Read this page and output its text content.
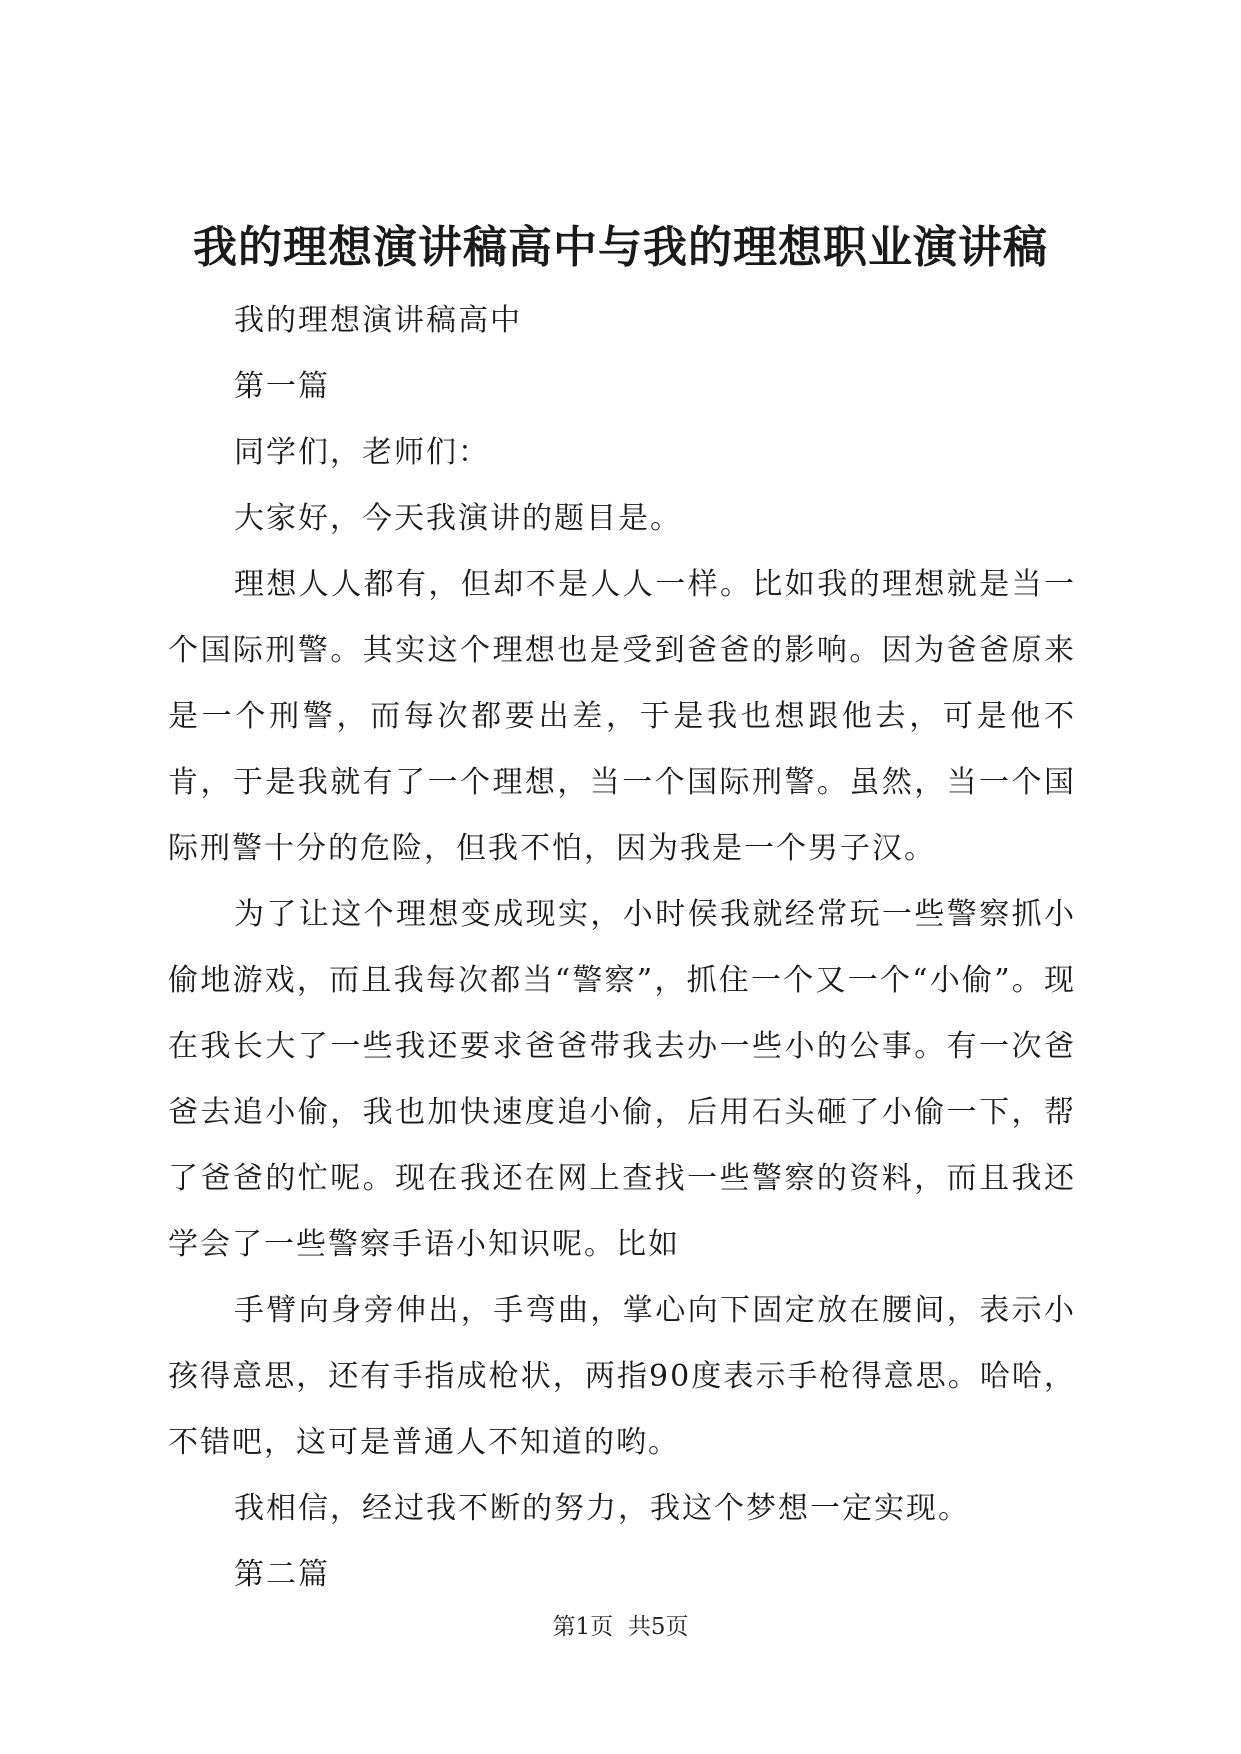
我的理想演讲稿高中与我的理想职业演讲稿

我的理想演讲稿高中

第一篇

同学们，老师们：

大家好，今天我演讲的题目是。

理想人人都有，但却不是人人一样。比如我的理想就是当一个国际刑警。其实这个理想也是受到爸爸的影响。因为爸爸原来是一个刑警，而每次都要出差，于是我也想跟他去，可是他不肯，于是我就有了一个理想，当一个国际刑警。虽然，当一个国际刑警十分的危险，但我不怕，因为我是一个男子汉。

为了让这个理想变成现实，小时侯我就经常玩一些警察抓小偷地游戏，而且我每次都当“警察”，抓住一个又一个“小偷”。现在我长大了一些我还要求爸爸带我去办一些小的公事。有一次爸爸去追小偷，我也加快速度追小偷，后用石头砸了小偷一下，帮了爸爸的忙呢。现在我还在网上查找一些警察的资料，而且我还学会了一些警察手语小知识呢。比如

手臂向身旁伸出，手弯曲，掌心向下固定放在腰间，表示小孩得意思，还有手指成枪状，两指90度表示手枪得意思。哈哈，不错吧，这可是普通人不知道的哟。

我相信，经过我不断的努力，我这个梦想一定实现。

第二篇

第1页 共5页
